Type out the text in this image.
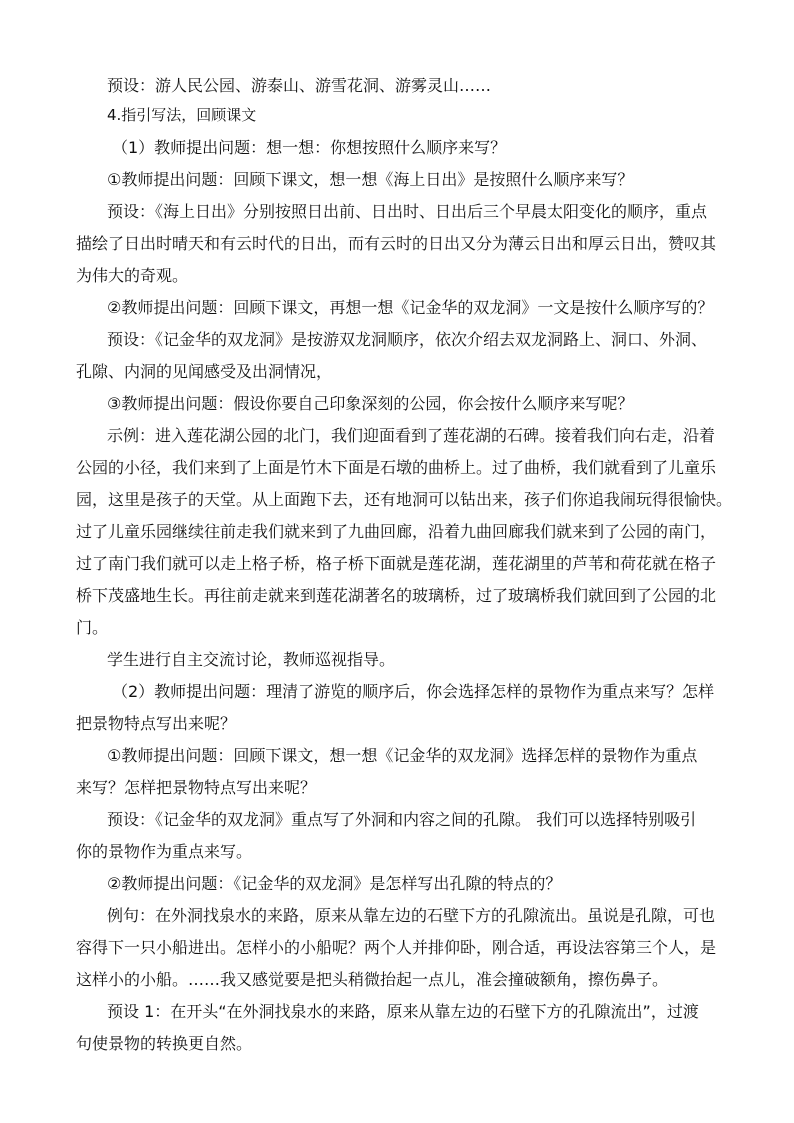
预设：游人民公园、游泰山、游雪花洞、游雾灵山……
4.指引写法，回顾课文
（1）教师提出问题：想一想：你想按照什么顺序来写？
①教师提出问题：回顾下课文，想一想《海上日出》是按照什么顺序来写？
预设：《海上日出》分别按照日出前、日出时、日出后三个早晨太阳变化的顺序，重点
描绘了日出时晴天和有云时代的日出，而有云时的日出又分为薄云日出和厚云日出，赞叹其
为伟大的奇观。
②教师提出问题：回顾下课文，再想一想《记金华的双龙洞》一文是按什么顺序写的？
预设：《记金华的双龙洞》是按游双龙洞顺序，依次介绍去双龙洞路上、洞口、外洞、
孔隙、内洞的见闻感受及出洞情况，
③教师提出问题：假设你要自己印象深刻的公园，你会按什么顺序来写呢？
示例：进入莲花湖公园的北门，我们迎面看到了莲花湖的石碑。接着我们向右走，沿着
公园的小径，我们来到了上面是竹木下面是石墩的曲桥上。过了曲桥，我们就看到了儿童乐
园，这里是孩子的天堂。从上面跑下去，还有地洞可以钻出来，孩子们你追我闹玩得很愉快。
过了儿童乐园继续往前走我们就来到了九曲回廊，沿着九曲回廊我们就来到了公园的南门，
过了南门我们就可以走上格子桥，格子桥下面就是莲花湖，莲花湖里的芦苇和荷花就在格子
桥下茂盛地生长。再往前走就来到莲花湖著名的玻璃桥，过了玻璃桥我们就回到了公园的北
门。
学生进行自主交流讨论，教师巡视指导。
（2）教师提出问题：理清了游览的顺序后，你会选择怎样的景物作为重点来写？怎样
把景物特点写出来呢？
①教师提出问题：回顾下课文，想一想《记金华的双龙洞》选择怎样的景物作为重点
来写？怎样把景物特点写出来呢？
预设：《记金华的双龙洞》重点写了外洞和内容之间的孔隙。 我们可以选择特别吸引
你的景物作为重点来写。
②教师提出问题：《记金华的双龙洞》是怎样写出孔隙的特点的？
例句：在外洞找泉水的来路，原来从靠左边的石壁下方的孔隙流出。虽说是孔隙，可也
容得下一只小船进出。怎样小的小船呢？两个人并排仰卧，刚合适，再设法容第三个人，是
这样小的小船。……我又感觉要是把头稍微抬起一点儿，准会撞破额角，擦伤鼻子。
预设 1：在开头“在外洞找泉水的来路，原来从靠左边的石壁下方的孔隙流出”，过渡
句使景物的转换更自然。
